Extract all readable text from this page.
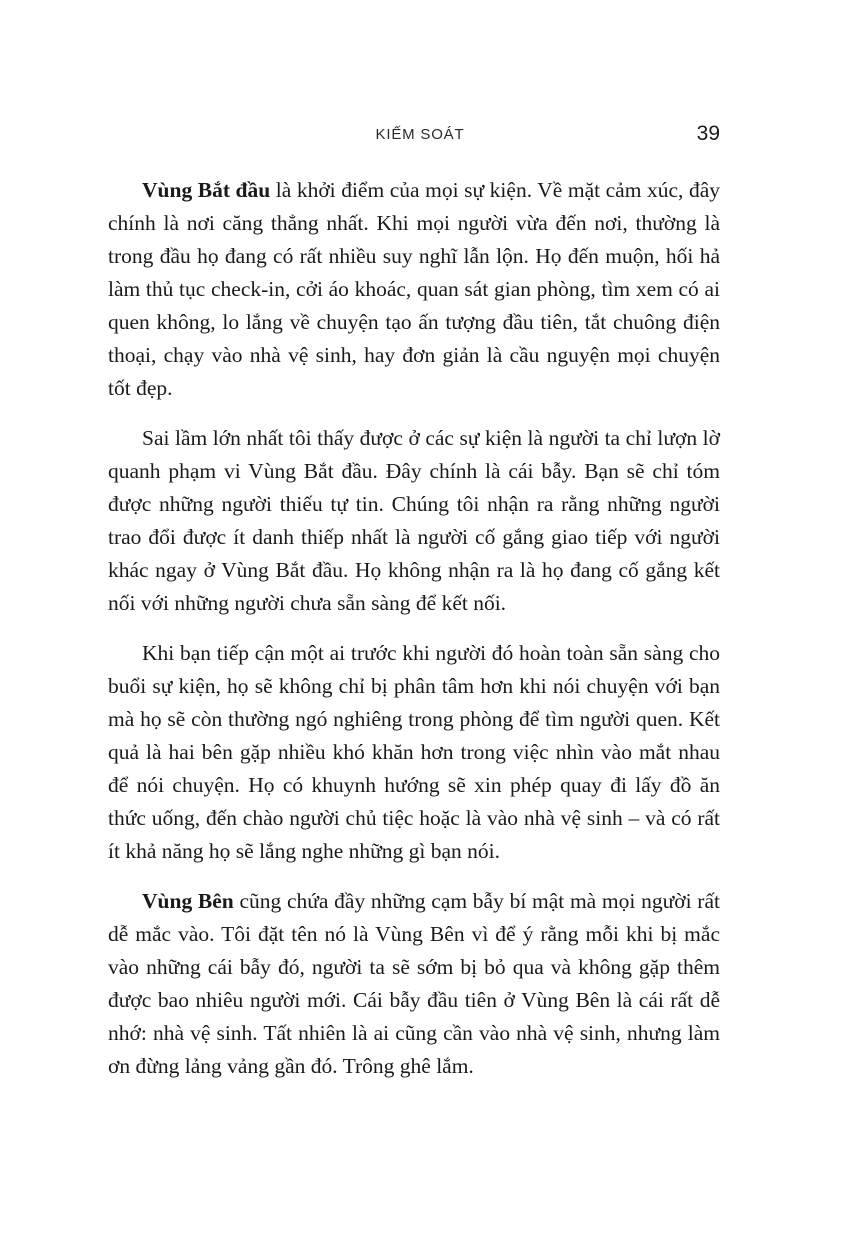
KIẾM SOÁT	39

Vùng Bắt đầu là khởi điểm của mọi sự kiện. Về mặt cảm xúc, đây chính là nơi căng thẳng nhất. Khi mọi người vừa đến nơi, thường là trong đầu họ đang có rất nhiều suy nghĩ lẫn lộn. Họ đến muộn, hối hả làm thủ tục check-in, cởi áo khoác, quan sát gian phòng, tìm xem có ai quen không, lo lắng về chuyện tạo ấn tượng đầu tiên, tắt chuông điện thoại, chạy vào nhà vệ sinh, hay đơn giản là cầu nguyện mọi chuyện tốt đẹp.

Sai lầm lớn nhất tôi thấy được ở các sự kiện là người ta chỉ lượn lờ quanh phạm vi Vùng Bắt đầu. Đây chính là cái bẫy. Bạn sẽ chỉ tóm được những người thiếu tự tin. Chúng tôi nhận ra rằng những người trao đổi được ít danh thiếp nhất là người cố gắng giao tiếp với người khác ngay ở Vùng Bắt đầu. Họ không nhận ra là họ đang cố gắng kết nối với những người chưa sẵn sàng để kết nối.

Khi bạn tiếp cận một ai trước khi người đó hoàn toàn sẵn sàng cho buổi sự kiện, họ sẽ không chỉ bị phân tâm hơn khi nói chuyện với bạn mà họ sẽ còn thường ngó nghiêng trong phòng để tìm người quen. Kết quả là hai bên gặp nhiều khó khăn hơn trong việc nhìn vào mắt nhau để nói chuyện. Họ có khuynh hướng sẽ xin phép quay đi lấy đồ ăn thức uống, đến chào người chủ tiệc hoặc là vào nhà vệ sinh – và có rất ít khả năng họ sẽ lắng nghe những gì bạn nói.

Vùng Bên cũng chứa đầy những cạm bẫy bí mật mà mọi người rất dễ mắc vào. Tôi đặt tên nó là Vùng Bên vì để ý rằng mỗi khi bị mắc vào những cái bẫy đó, người ta sẽ sớm bị bỏ qua và không gặp thêm được bao nhiêu người mới. Cái bẫy đầu tiên ở Vùng Bên là cái rất dễ nhớ: nhà vệ sinh. Tất nhiên là ai cũng cần vào nhà vệ sinh, nhưng làm ơn đừng lảng vảng gần đó. Trông ghê lắm.
